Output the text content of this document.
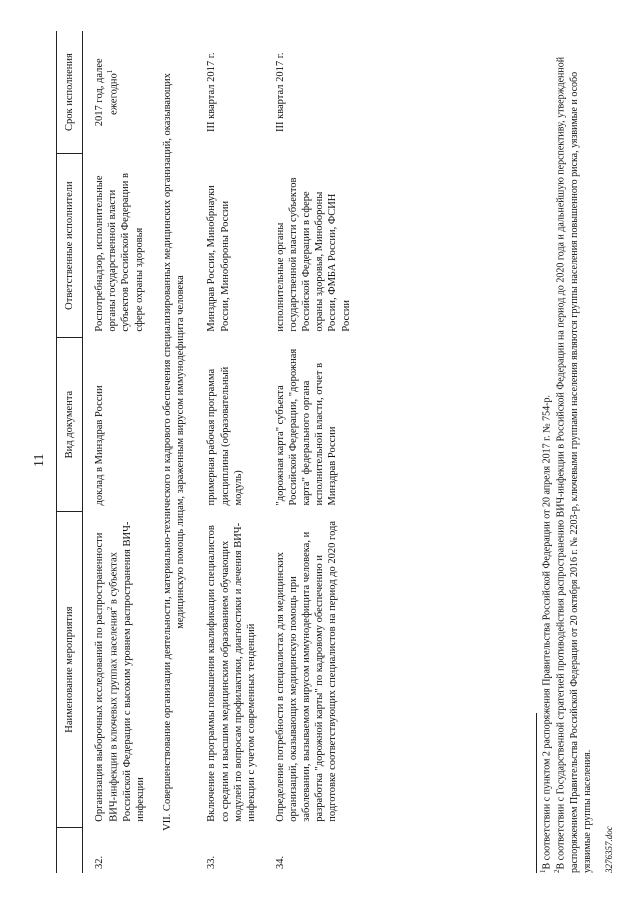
11
	Наименование мероприятия	Вид документа	Ответственные исполнители	Срок исполнения
32.	Организация выборочных исследований по распространенности ВИЧ-инфекции в ключевых группах населения$^2$ в субъектах Российской Федерации с высоким уровнем распространения ВИЧ-инфекции	доклад в Минздрав России	Роспотребнадзор, исполнительные органы государственной власти субъектов Российской Федерации в сфере охраны здоровья	2017 год, далее ежегодно$^1$
VII. Совершенствование организации деятельности, материально-технического и кадрового обеспечения специализированных медицинских организаций, оказывающих медицинскую помощь лицам, зараженным вирусом иммунодефицита человека				
33.	Включение в программы повышения квалификации специалистов со средним и высшим медицинским образованием обучающих модулей по вопросам профилактики, диагностики и лечения ВИЧ-инфекции с учетом современных тенденций	примерная рабочая программа дисциплины (образовательный модуль)	Минздрав России, Минобрнауки России, Минобороны России	III квартал 2017 г.
34.	Определение потребности в специалистах для медицинских организаций, оказывающих медицинскую помощь при заболевании, вызываемом вирусом иммунодефицита человека, и разработка "дорожной карты" по кадровому обеспечению и подготовке соответствующих специалистов на период до 2020 года	"дорожная карта" субъекта Российской Федерации, "дорожная карта" федерального органа исполнительной власти, отчет в Минздрав России	исполнительные органы государственной власти субъектов Российской Федерации в сфере охраны здоровья, Минобороны России, ФМБА России, ФСИН России	III квартал 2017 г.
$^1$В соответствии с пунктом 2 распоряжения Правительства Российской Федерации от 20 апреля 2017 г. № 754-р.
$^2$В соответствии с Государственной стратегией противодействия распространению ВИЧ-инфекции в Российской Федерации на период до 2020 года и дальнейшую перспективу, утвержденной распоряжением Правительства Российской Федерации от 20 октября 2016 г. № 2203-р, ключевыми группами населения являются группы населения повышенного риска, уязвимые и особо уязвимые группы населения. 3276357.doc
